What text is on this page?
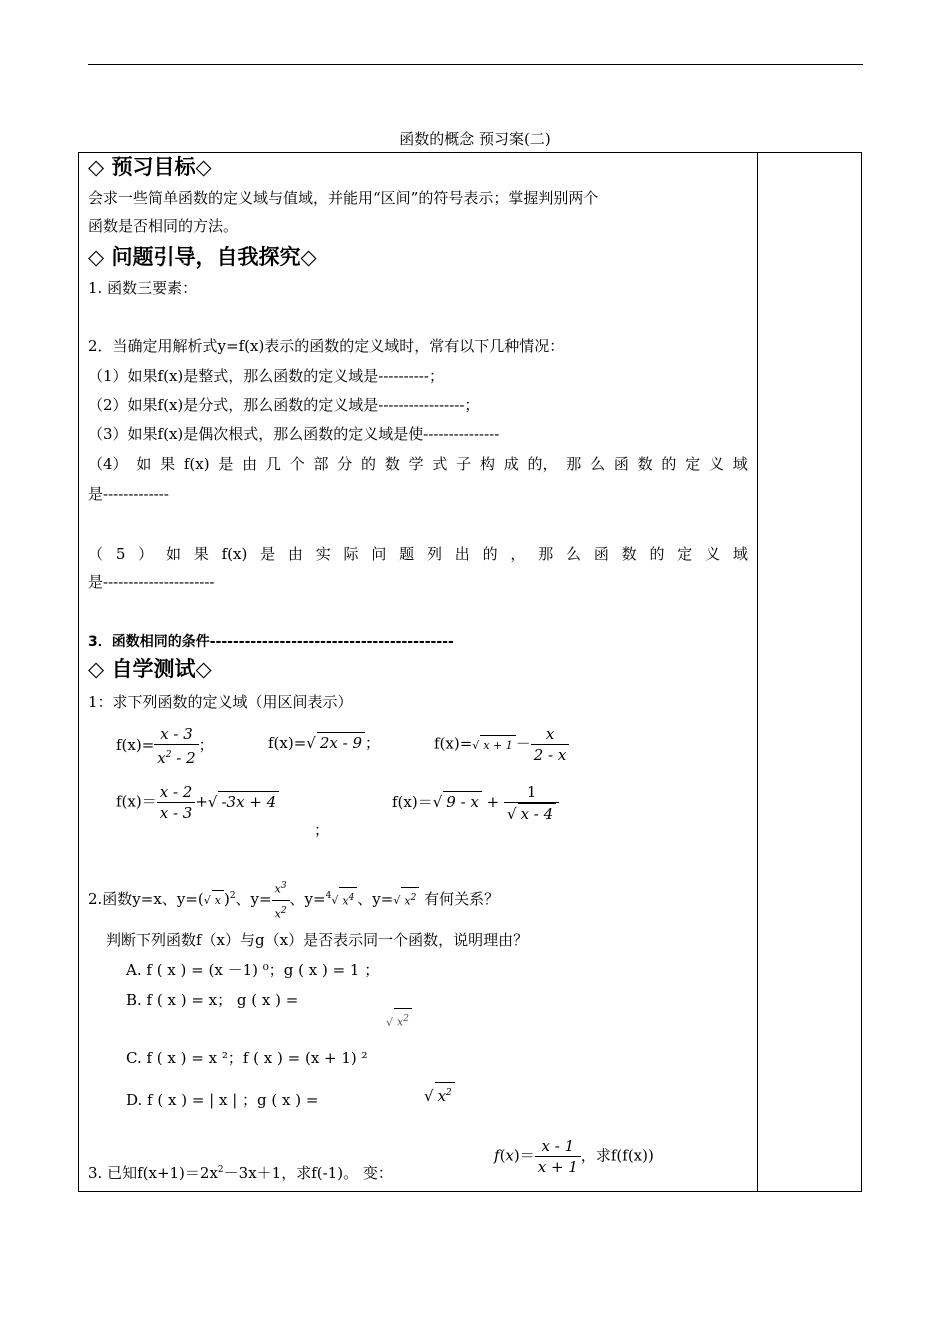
函数的概念 预习案(二)
◇ 预习目标◇
会求一些简单函数的定义域与值域，并能用“区间”的符号表示；掌握判别两个
函数是否相同的方法。
◇ 问题引导，自我探究◇
1. 函数三要素：
2．当确定用解析式y=f(x)表示的函数的定义域时，常有以下几种情况：
（1）如果f(x)是整式，那么函数的定义域是----------；
（2）如果f(x)是分式，那么函数的定义域是-----------------；
（3）如果f(x)是偶次根式，那么函数的定义域是使---------------
（4） 如 果 f(x) 是 由 几 个 部 分 的 数 学 式 子 构 成 的， 那 么 函 数 的 定 义 域
是-------------
（ 5 ） 如 果 f(x) 是 由 实 际 问 题 列 出 的 ， 那 么 函 数 的 定 义 域
是----------------------
3．函数相同的条件------------------------------------------
◇ 自学测试◇
1：求下列函数的定义域（用区间表示）
$f(x)= \frac{x - 3}{x^2 - 2}$ ；	f(x)=√ 2x - 9 ；	f(x)=√ $x + 1 - \frac{x}{2 - x}$
$f(x)= \frac{x - 2}{x - 3}$ +√ -3x + 4
；
f(x)＝√ $9 - x + \frac{1}{√ x - 4}$
2.函数y=x、y=(√ x )$^2$、$y= \frac{x^3}{x^2}$ 、y=$^4$√ $x^4$ 、y=√ $x^2$ 有何关系？
判断下列函数f（x）与g（x）是否表示同一个函数，说明理由？
A. f ( x ) = (x －1) ⁰；g ( x ) = 1 ；
B. f ( x ) = x； g ( x ) =
√ $x^2$
C. f ( x ) = x ²；f ( x ) = (x + 1) ²
D. f ( x ) = | x | ；g ( x ) =	√ $x^2$
3. 已知$f(x+1)=2x^2-3x+1$，求f(-1)。 变：
$f(x)= \frac{x - 1}{x + 1}$ ，求f(f(x))
